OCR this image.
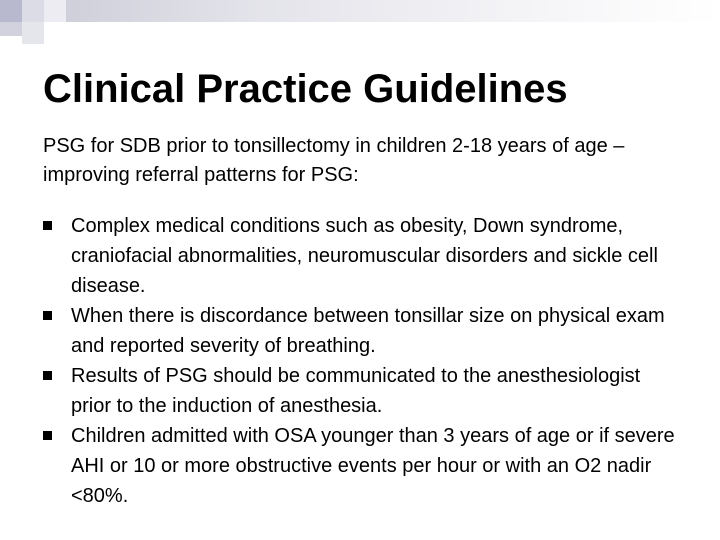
Clinical Practice Guidelines

PSG for SDB prior to tonsillectomy in children 2-18 years of age – improving referral patterns for PSG:

Complex medical conditions such as obesity, Down syndrome, craniofacial abnormalities, neuromuscular disorders and sickle cell disease.
When there is discordance between tonsillar size on physical exam and reported severity of breathing.
Results of PSG should be communicated to the anesthesiologist prior to the induction of anesthesia.
Children admitted with OSA younger than 3 years of age or if severe AHI or 10 or more obstructive events per hour or with an O2 nadir <80%.
